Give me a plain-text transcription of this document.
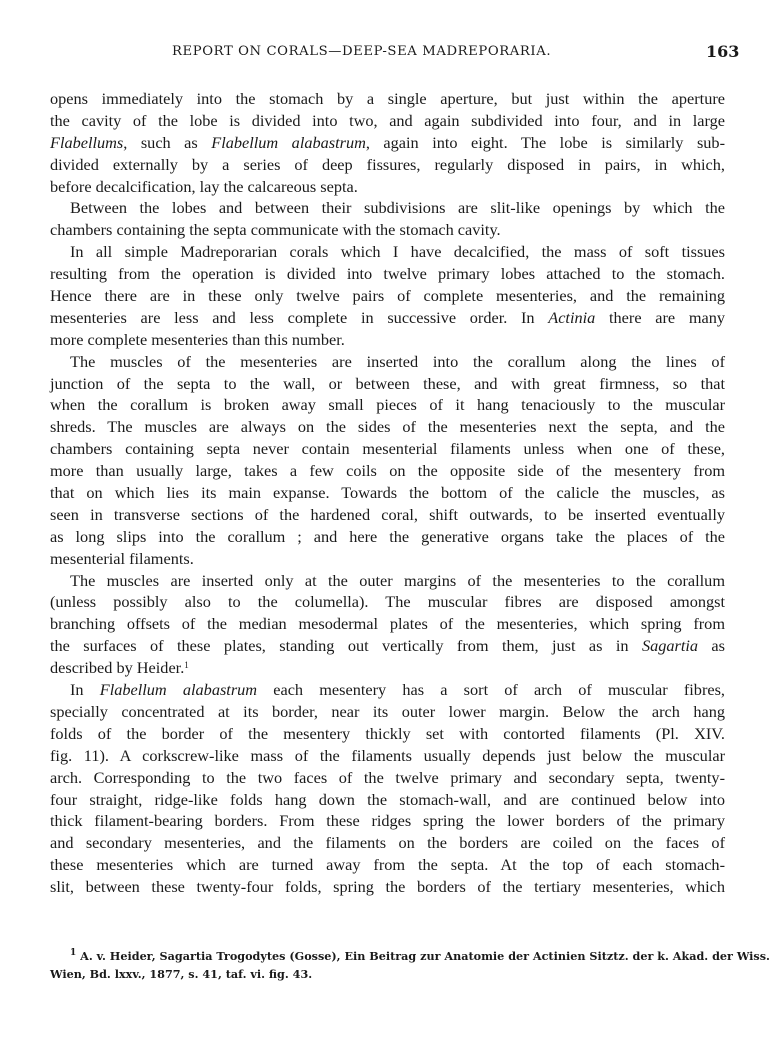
REPORT ON CORALS—DEEP-SEA MADREPORARIA.	163
opens immediately into the stomach by a single aperture, but just within the aperture
the cavity of the lobe is divided into two, and again subdivided into four, and in large
Flabellums, such as Flabellum alabastrum, again into eight. The lobe is similarly sub-
divided externally by a series of deep fissures, regularly disposed in pairs, in which,
before decalcification, lay the calcareous septa.
Between the lobes and between their subdivisions are slit-like openings by which the
chambers containing the septa communicate with the stomach cavity.
In all simple Madreporarian corals which I have decalcified, the mass of soft tissues
resulting from the operation is divided into twelve primary lobes attached to the stomach.
Hence there are in these only twelve pairs of complete mesenteries, and the remaining
mesenteries are less and less complete in successive order. In Actinia there are many
more complete mesenteries than this number.
The muscles of the mesenteries are inserted into the corallum along the lines of
junction of the septa to the wall, or between these, and with great firmness, so that
when the corallum is broken away small pieces of it hang tenaciously to the muscular
shreds. The muscles are always on the sides of the mesenteries next the septa, and the
chambers containing septa never contain mesenterial filaments unless when one of these,
more than usually large, takes a few coils on the opposite side of the mesentery from
that on which lies its main expanse. Towards the bottom of the calicle the muscles, as
seen in transverse sections of the hardened coral, shift outwards, to be inserted eventually
as long slips into the corallum ; and here the generative organs take the places of the
mesenterial filaments.
The muscles are inserted only at the outer margins of the mesenteries to the corallum
(unless possibly also to the columella). The muscular fibres are disposed amongst
branching offsets of the median mesodermal plates of the mesenteries, which spring from
the surfaces of these plates, standing out vertically from them, just as in Sagartia as
described by Heider.$^1$
In Flabellum alabastrum each mesentery has a sort of arch of muscular fibres,
specially concentrated at its border, near its outer lower margin. Below the arch hang
folds of the border of the mesentery thickly set with contorted filaments (Pl. XIV.
fig. 11). A corkscrew-like mass of the filaments usually depends just below the muscular
arch. Corresponding to the two faces of the twelve primary and secondary septa, twenty-
four straight, ridge-like folds hang down the stomach-wall, and are continued below into
thick filament-bearing borders. From these ridges spring the lower borders of the primary
and secondary mesenteries, and the filaments on the borders are coiled on the faces of
these mesenteries which are turned away from the septa. At the top of each stomach-
slit, between these twenty-four folds, spring the borders of the tertiary mesenteries, which
$^1$ A. v. Heider, Sagartia Trogodytes (Gosse), Ein Beitrag zur Anatomie der Actinien Sitztz. der k. Akad. der Wiss.
Wien, Bd. lxxv., 1877, s. 41, taf. vi. fig. 43.
